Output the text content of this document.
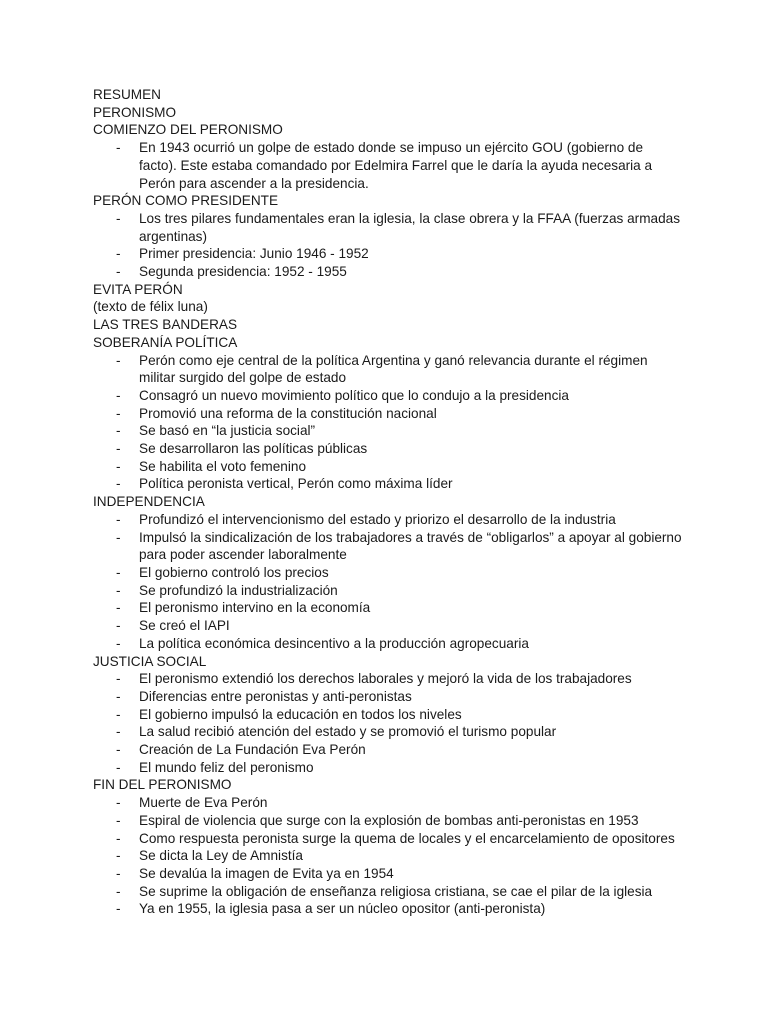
RESUMEN
PERONISMO
COMIENZO DEL PERONISMO
- En 1943 ocurrió un golpe de estado donde se impuso un ejército GOU (gobierno de facto). Este estaba comandado por Edelmira Farrel que le daría la ayuda necesaria a Perón para ascender a la presidencia.
PERÓN COMO PRESIDENTE
- Los tres pilares fundamentales eran la iglesia, la clase obrera y la FFAA (fuerzas armadas argentinas)
- Primer presidencia: Junio 1946 - 1952
- Segunda presidencia: 1952 - 1955
EVITA PERÓN
(texto de félix luna)
LAS TRES BANDERAS
SOBERANÍA POLÍTICA
- Perón como eje central de la política Argentina y ganó relevancia durante el régimen militar surgido del golpe de estado
- Consagró un nuevo movimiento político que lo condujo a la presidencia
- Promovió una reforma de la constitución nacional
- Se basó en “la justicia social”
- Se desarrollaron las políticas públicas
- Se habilita el voto femenino
- Política peronista vertical, Perón como máxima líder
INDEPENDENCIA
- Profundizó el intervencionismo del estado y priorizo el desarrollo de la industria
- Impulsó la sindicalización de los trabajadores a través de “obligarlos” a apoyar al gobierno para poder ascender laboralmente
- El gobierno controló los precios
- Se profundizó la industrialización
- El peronismo intervino en la economía
- Se creó el IAPI
- La política económica desincentivo a la producción agropecuaria
JUSTICIA SOCIAL
- El peronismo extendió los derechos laborales y mejoró la vida de los trabajadores
- Diferencias entre peronistas y anti-peronistas
- El gobierno impulsó la educación en todos los niveles
- La salud recibió atención del estado y se promovió el turismo popular
- Creación de La Fundación Eva Perón
- El mundo feliz del peronismo
FIN DEL PERONISMO
- Muerte de Eva Perón
- Espiral de violencia que surge con la explosión de bombas anti-peronistas en 1953
- Como respuesta peronista surge la quema de locales y el encarcelamiento de opositores
- Se dicta la Ley de Amnistía
- Se devalúa la imagen de Evita ya en 1954
- Se suprime la obligación de enseñanza religiosa cristiana, se cae el pilar de la iglesia
- Ya en 1955, la iglesia pasa a ser un núcleo opositor (anti-peronista)
